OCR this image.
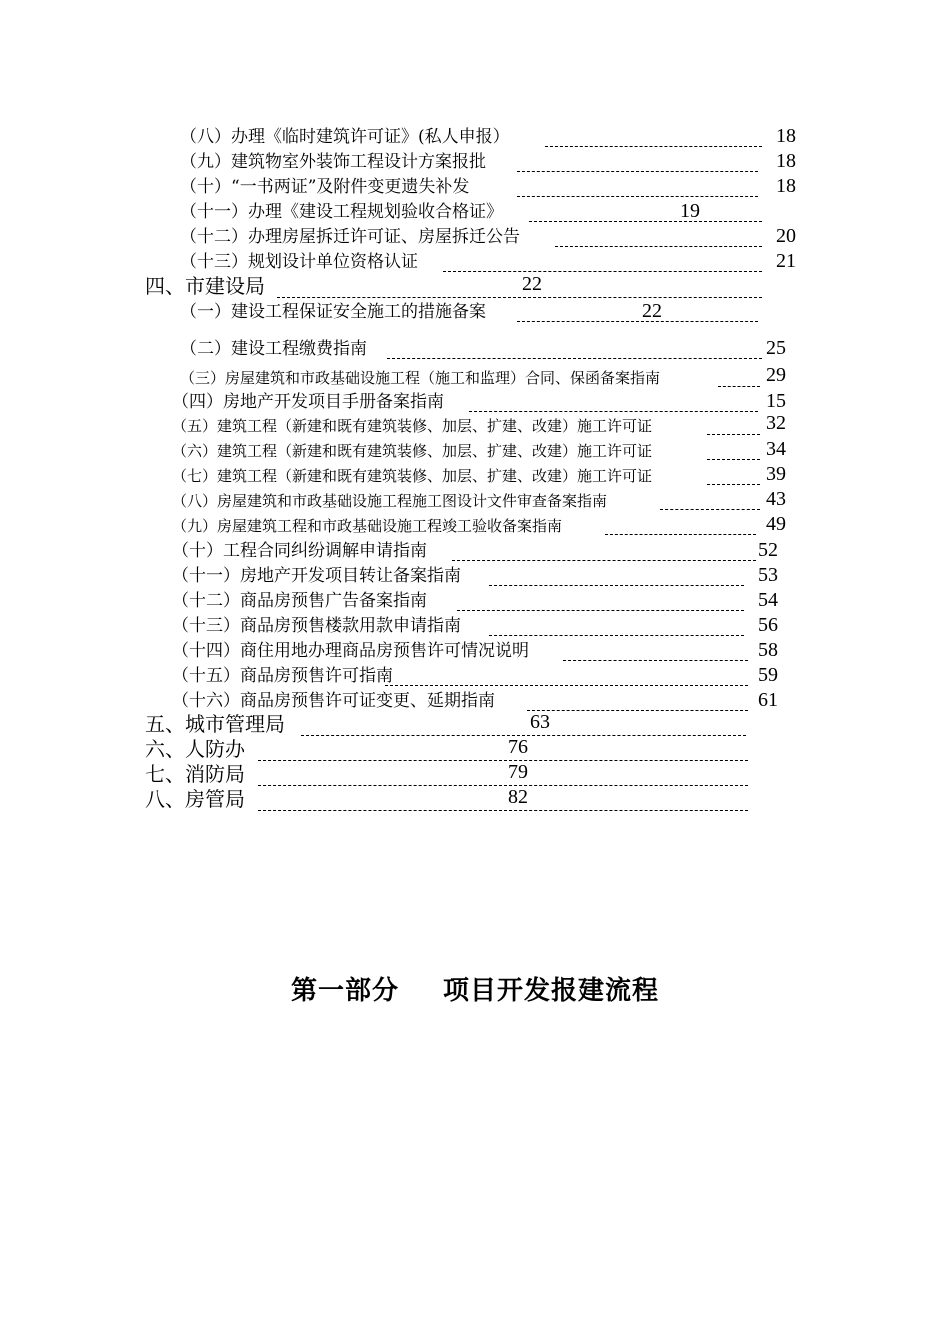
（八）办理《临时建筑许可证》(私人申报）	18
（九）建筑物室外装饰工程设计方案报批	18
（十）“一书两证”及附件变更遗失补发	18
（十一）办理《建设工程规划验收合格证》	19
（十二）办理房屋拆迁许可证、房屋拆迁公告	20
（十三）规划设计单位资格认证	21
四、市建设局	22
（一）建设工程保证安全施工的措施备案	22
（二）建设工程缴费指南	25
（三）房屋建筑和市政基础设施工程（施工和监理）合同、保函备案指南	29
（四）房地产开发项目手册备案指南	15
（五）建筑工程（新建和既有建筑装修、加层、扩建、改建）施工许可证	32
（六）建筑工程（新建和既有建筑装修、加层、扩建、改建）施工许可证	34
（七）建筑工程（新建和既有建筑装修、加层、扩建、改建）施工许可证	39
（八）房屋建筑和市政基础设施工程施工图设计文件审查备案指南	43
（九）房屋建筑工程和市政基础设施工程竣工验收备案指南	49
（十）工程合同纠纷调解申请指南	52
（十一）房地产开发项目转让备案指南	53
（十二）商品房预售广告备案指南	54
（十三）商品房预售楼款用款申请指南	56
（十四）商住用地办理商品房预售许可情况说明	58
（十五）商品房预售许可指南	59
（十六）商品房预售许可证变更、延期指南	61
五、城市管理局	63
六、人防办	76
七、消防局	79
八、房管局	82
第一部分 项目开发报建流程
